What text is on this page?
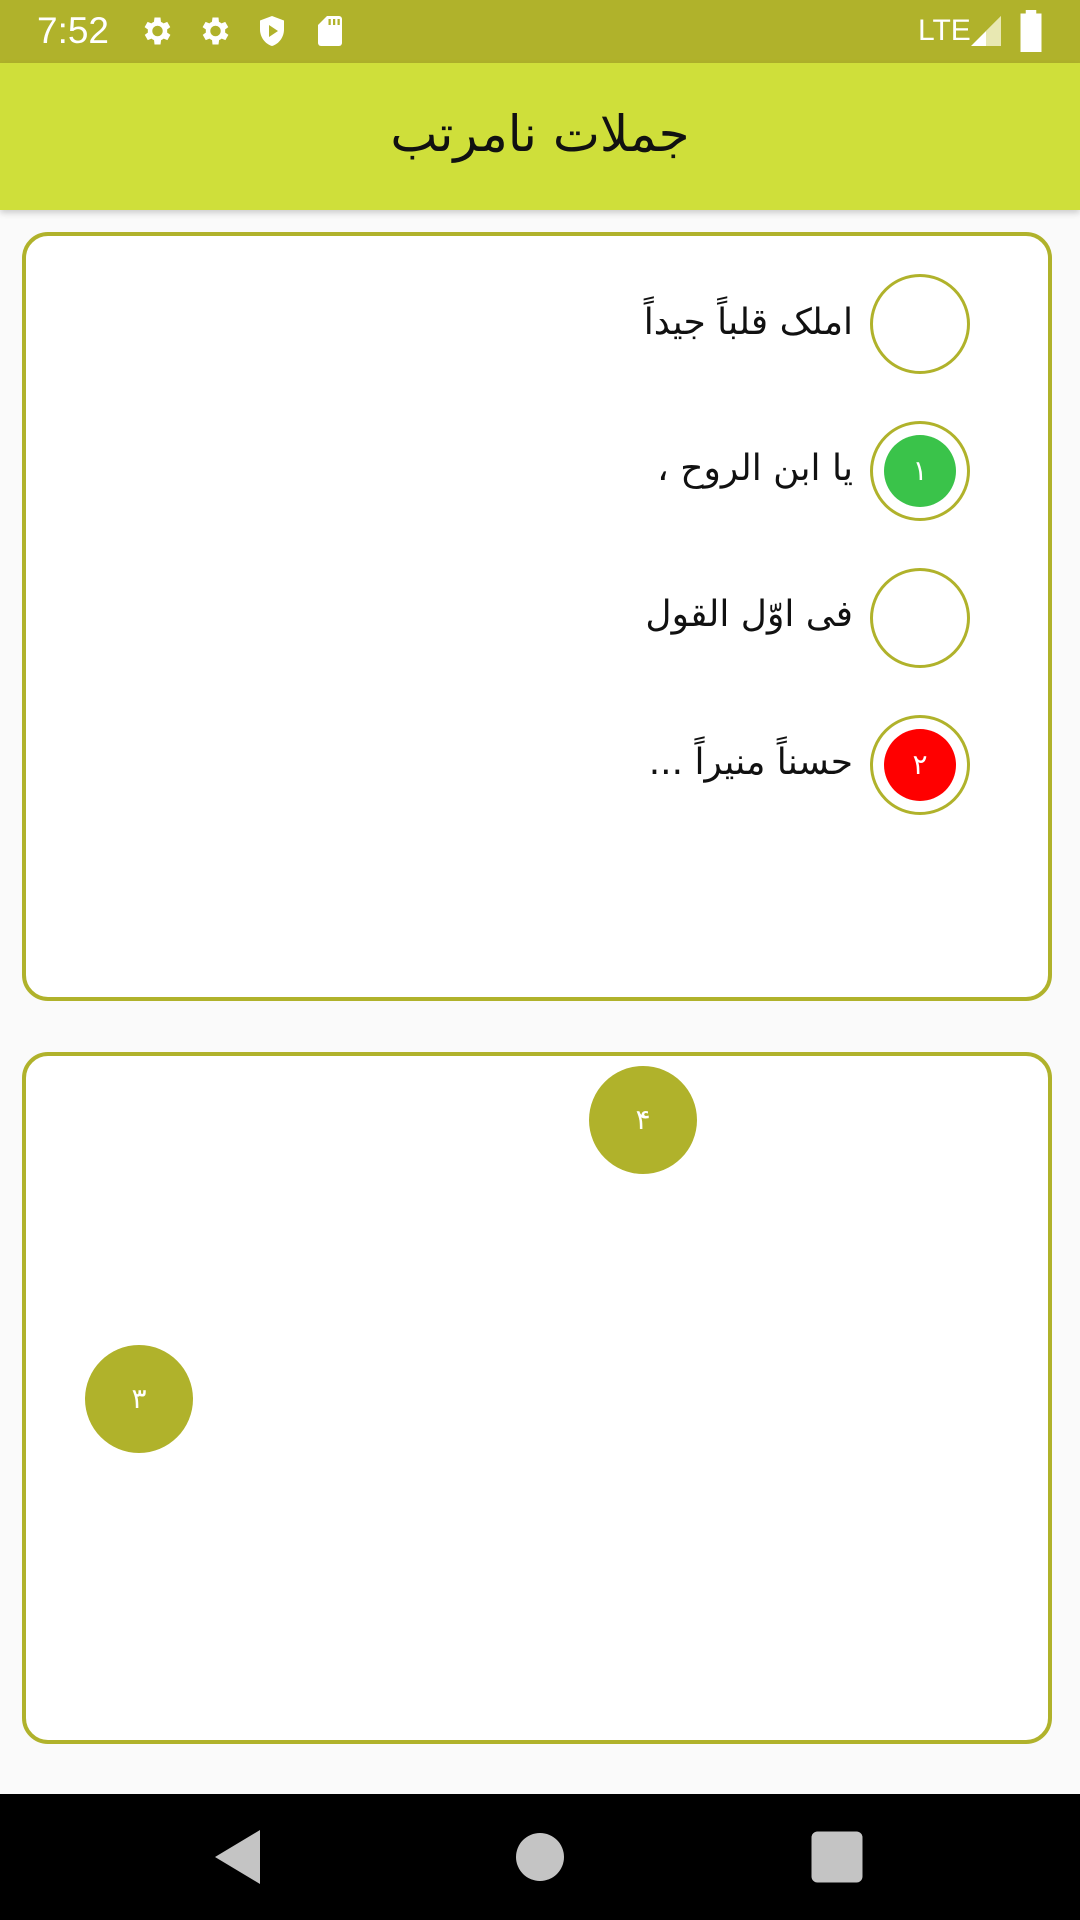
7:52	LTE
جملات نامرتب
املک قلباً جیداً
١
یا ابن الروح ،
فی اوّل القول
٢
حسناً منیراً ...
۴
٣
